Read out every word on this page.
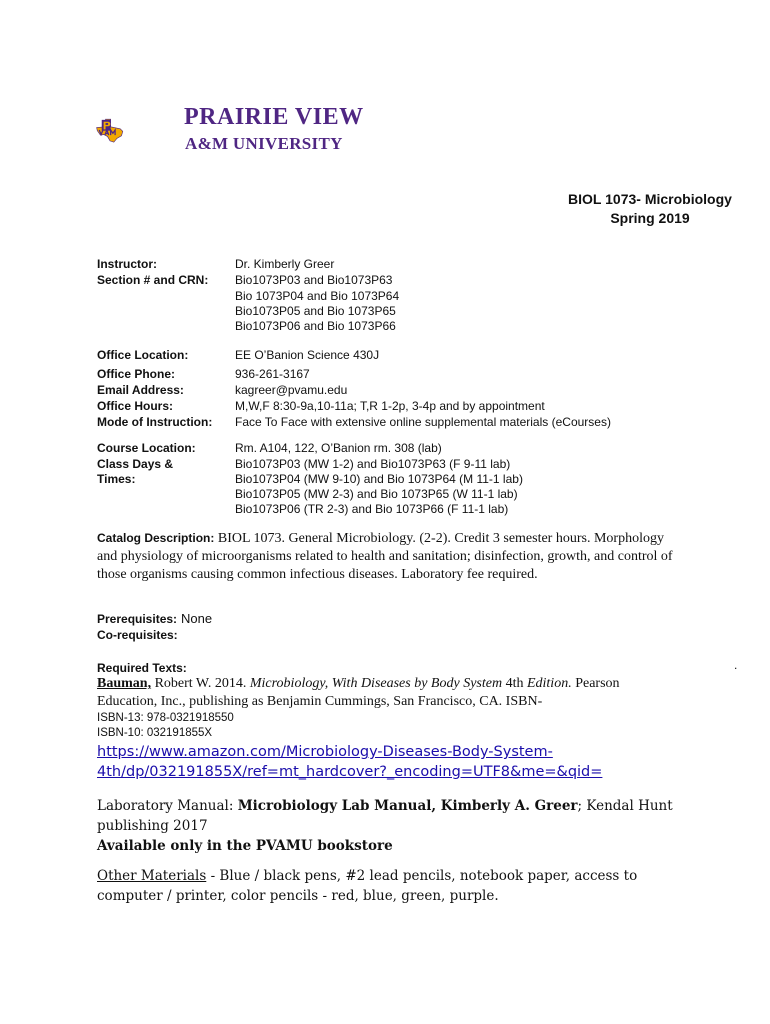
PRAIRIE VIEW
A&M UNIVERSITY
BIOL 1073- Microbiology
Spring 2019
Instructor:	Dr. Kimberly Greer
Section # and CRN: Bio1073P03 and Bio1073P63
Bio 1073P04 and Bio 1073P64
Bio1073P05 and Bio 1073P65
Bio1073P06 and Bio 1073P66
Office Location:	EE O’Banion Science 430J
Office Phone:	936-261-3167
Email Address:	kagreer@pvamu.edu
Office Hours:	M,W,F 8:30-9a,10-11a; T,R 1-2p, 3-4p and by appointment
Mode of Instruction: Face To Face with extensive online supplemental materials (eCourses)
Course Location:	Rm. A104, 122, O’Banion rm. 308 (lab)
Class Days &
Times:
Bio1073P03 (MW 1-2) and Bio1073P63 (F 9-11 lab)
Bio1073P04 (MW 9-10) and Bio 1073P64 (M 11-1 lab)
Bio1073P05 (MW 2-3) and Bio 1073P65 (W 11-1 lab)
Bio1073P06 (TR 2-3) and Bio 1073P66 (F 11-1 lab)
Catalog Description: BIOL 1073. General Microbiology. (2-2). Credit 3 semester hours. Morphology
and physiology of microorganisms related to health and sanitation; disinfection, growth, and control of
those organisms causing common infectious diseases. Laboratory fee required.
Prerequisites: None
Co-requisites:
Required Texts:	.
Bauman, Robert W. 2014. Microbiology, With Diseases by Body System 4th Edition. Pearson
Education, Inc., publishing as Benjamin Cummings, San Francisco, CA. ISBN-
ISBN-13: 978-0321918550
ISBN-10: 032191855X
https://www.amazon.com/Microbiology-Diseases-Body-System-
4th/dp/032191855X/ref=mt_hardcover?_encoding=UTF8&me=&qid=
Laboratory Manual: Microbiology Lab Manual, Kimberly A. Greer; Kendal Hunt
publishing 2017
Available only in the PVAMU bookstore
Other Materials - Blue / black pens, #2 lead pencils, notebook paper, access to
computer / printer, color pencils - red, blue, green, purple.
